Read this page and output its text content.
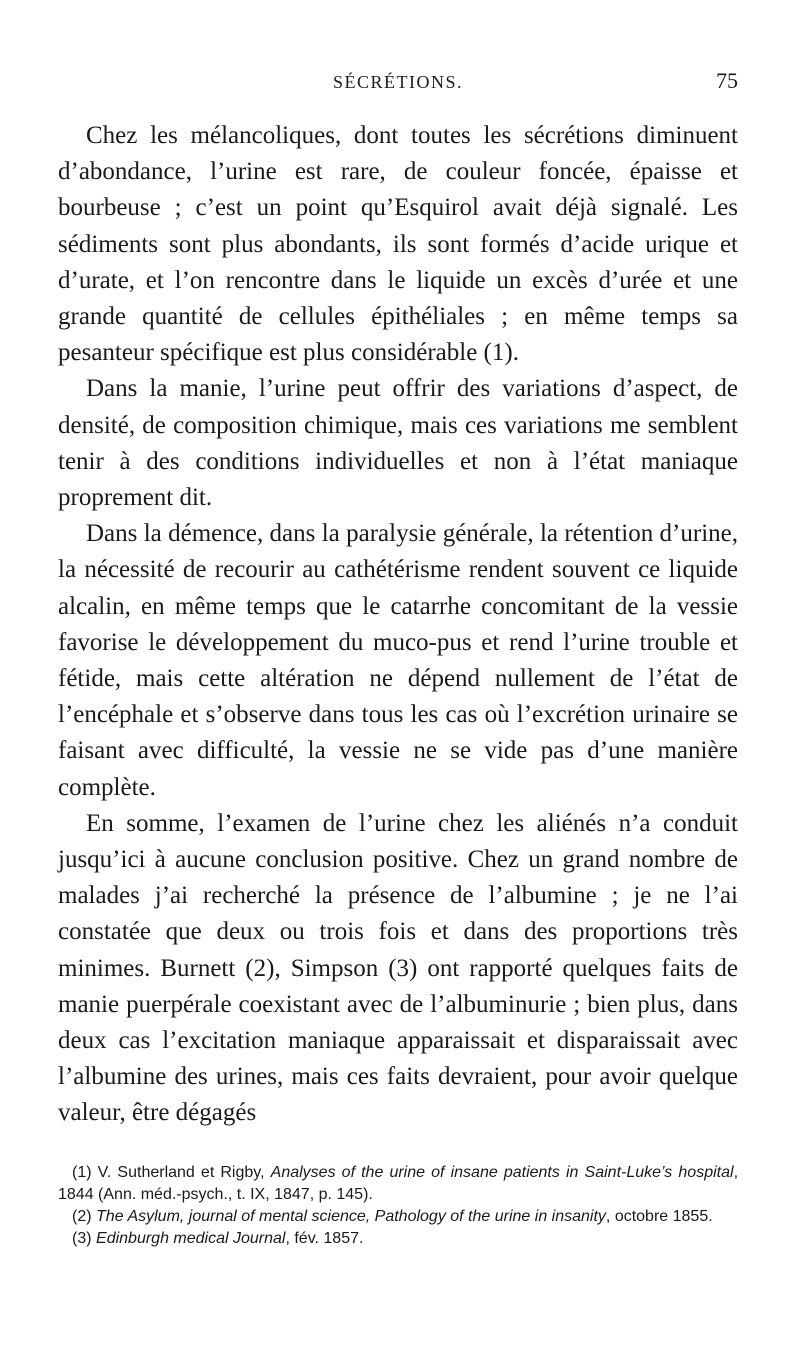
SÉCRÉTIONS.	75

Chez les mélancoliques, dont toutes les sécrétions diminuent d’abondance, l’urine est rare, de couleur foncée, épaisse et bourbeuse ; c’est un point qu’Esquirol avait déjà signalé. Les sédiments sont plus abondants, ils sont formés d’acide urique et d’urate, et l’on rencontre dans le liquide un excès d’urée et une grande quantité de cellules épithéliales ; en même temps sa pesanteur spécifique est plus considérable (1).

Dans la manie, l’urine peut offrir des variations d’aspect, de densité, de composition chimique, mais ces variations me semblent tenir à des conditions individuelles et non à l’état maniaque proprement dit.

Dans la démence, dans la paralysie générale, la rétention d’urine, la nécessité de recourir au cathétérisme rendent souvent ce liquide alcalin, en même temps que le catarrhe concomitant de la vessie favorise le développement du muco-pus et rend l’urine trouble et fétide, mais cette altération ne dépend nullement de l’état de l’encéphale et s’observe dans tous les cas où l’excrétion urinaire se faisant avec difficulté, la vessie ne se vide pas d’une manière complète.

En somme, l’examen de l’urine chez les aliénés n’a conduit jusqu’ici à aucune conclusion positive. Chez un grand nombre de malades j’ai recherché la présence de l’albumine ; je ne l’ai constatée que deux ou trois fois et dans des proportions très minimes. Burnett (2), Simpson (3) ont rapporté quelques faits de manie puerpérale coexistant avec de l’albuminurie ; bien plus, dans deux cas l’excitation maniaque apparaissait et disparaissait avec l’albumine des urines, mais ces faits devraient, pour avoir quelque valeur, être dégagés

(1) V. Sutherland et Rigby, Analyses of the urine of insane patients in Saint-Luke’s hospital, 1844 (Ann. méd.-psych., t. IX, 1847, p. 145).

(2) The Asylum, journal of mental science, Pathology of the urine in insanity, octobre 1855.

(3) Edinburgh medical Journal, fév. 1857.
